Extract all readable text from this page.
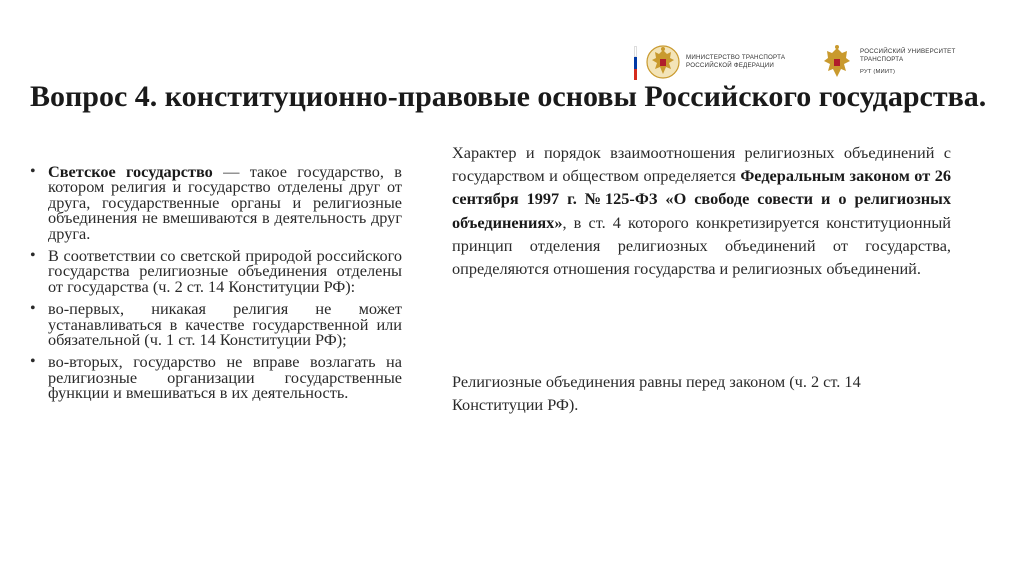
МИНИСТЕРСТВО ТРАНСПОРТА
РОССИЙСКОЙ ФЕДЕРАЦИИ
РОССИЙСКИЙ УНИВЕРСИТЕТ
ТРАНСПОРТА
РУТ (МИИТ)
Вопрос 4. конституционно-правовые основы Российского государства.
• Светское государство — такое государство, в котором религия и государство отделены друг от друга, государственные органы и религиозные объединения не вмешиваются в деятельность друг друга.
• В соответствии со светской природой российского государства религиозные объединения отделены от государства (ч. 2 ст. 14 Конституции РФ):
• во-первых, никакая религия не может устанавливаться в качестве государственной или обязательной (ч. 1 ст. 14 Конституции РФ);
• во-вторых, государство не вправе возлагать на религиозные организации государственные функции и вмешиваться в их деятельность.

Характер и порядок взаимоотношения религиозных объединений с государством и обществом определяется Федеральным законом от 26 сентября 1997 г. №125-ФЗ «О свободе совести и о религиозных объединениях», в ст. 4 которого конкретизируется конституционный принцип отделения религиозных объединений от государства, определяются отношения государства и религиозных объединений.

Религиозные объединения равны перед законом (ч. 2 ст. 14 Конституции РФ).
